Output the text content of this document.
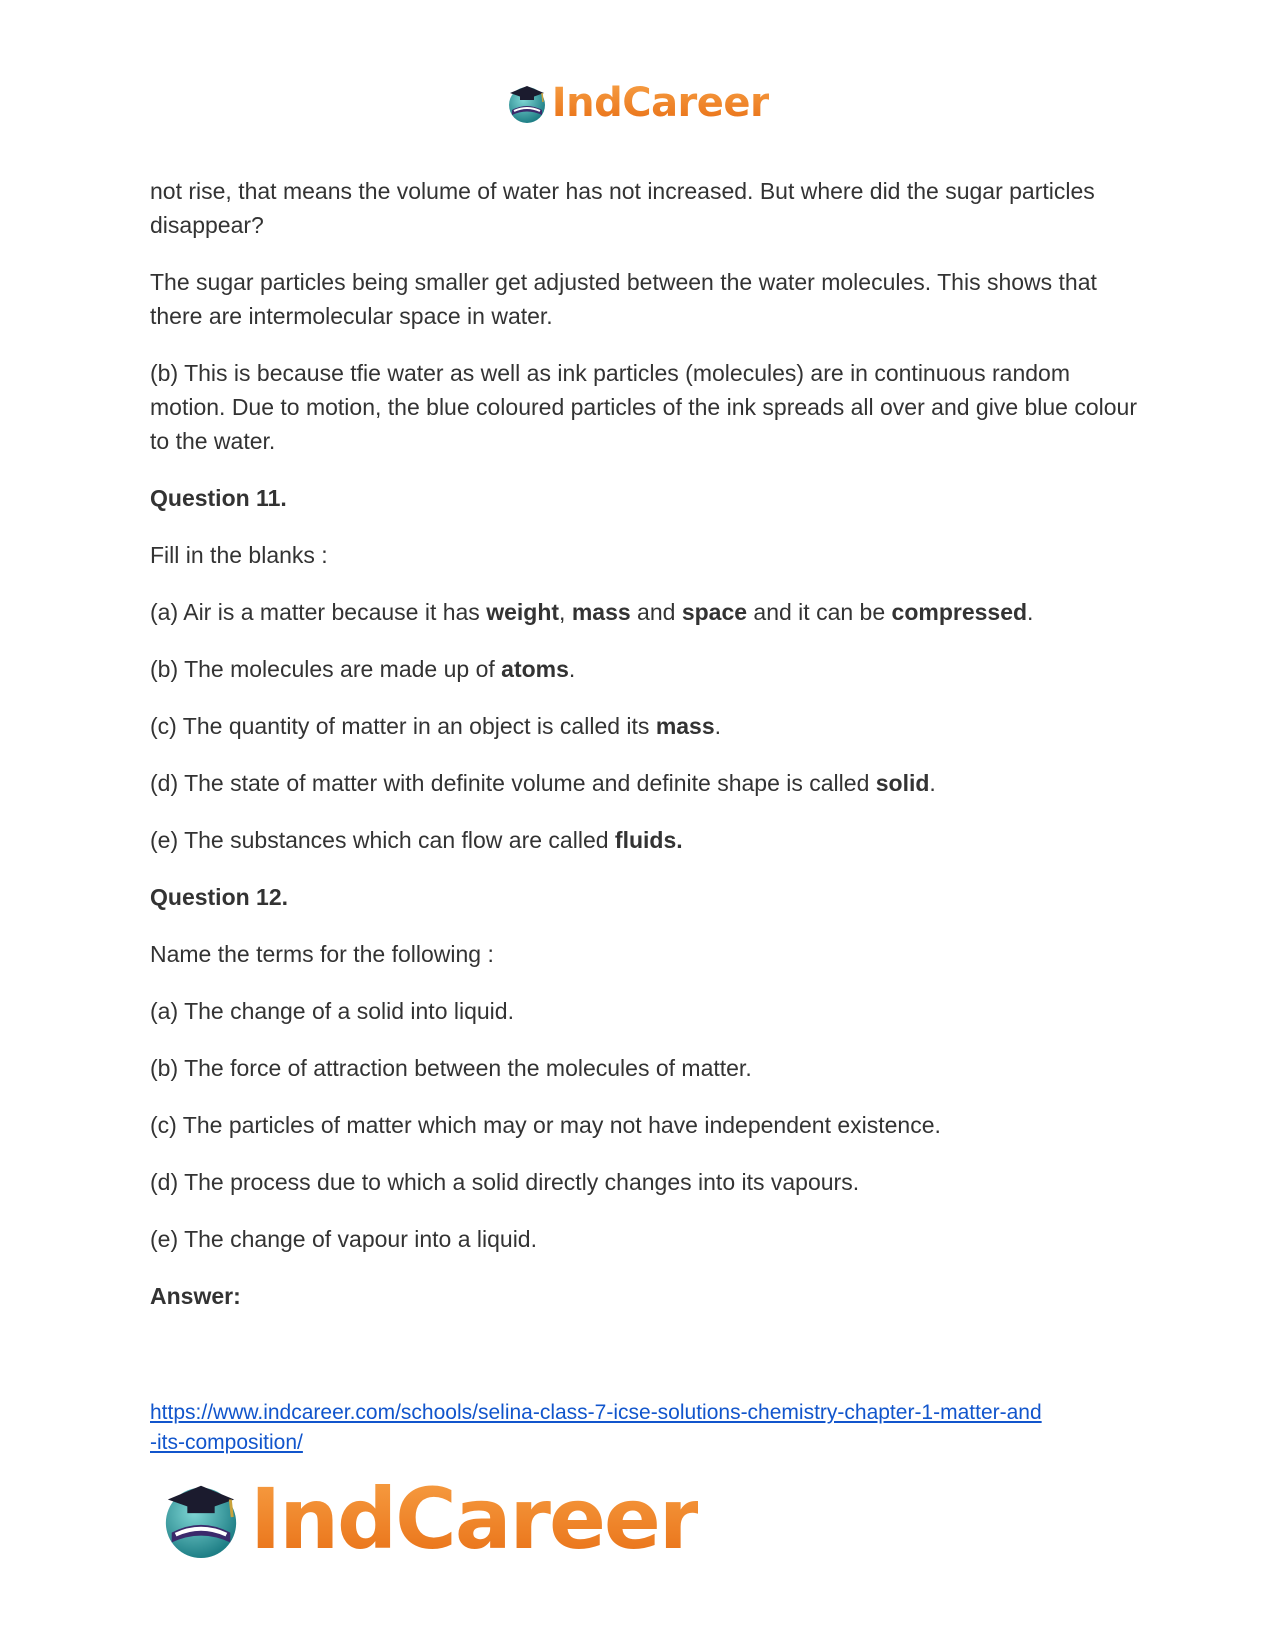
IndCareer

not rise, that means the volume of water has not increased. But where did the sugar particles disappear?

The sugar particles being smaller get adjusted between the water molecules. This shows that there are intermolecular space in water.

(b) This is because tfie water as well as ink particles (molecules) are in continuous random motion. Due to motion, the blue coloured particles of the ink spreads all over and give blue colour to the water.

Question 11.

Fill in the blanks :

(a) Air is a matter because it has weight, mass and space and it can be compressed.

(b) The molecules are made up of atoms.

(c) The quantity of matter in an object is called its mass.

(d) The state of matter with definite volume and definite shape is called solid.

(e) The substances which can flow are called fluids.

Question 12.

Name the terms for the following :

(a) The change of a solid into liquid.

(b) The force of attraction between the molecules of matter.

(c) The particles of matter which may or may not have independent existence.

(d) The process due to which a solid directly changes into its vapours.

(e) The change of vapour into a liquid.

Answer:

https://www.indcareer.com/schools/selina-class-7-icse-solutions-chemistry-chapter-1-matter-and
-its-composition/
IndCareer
